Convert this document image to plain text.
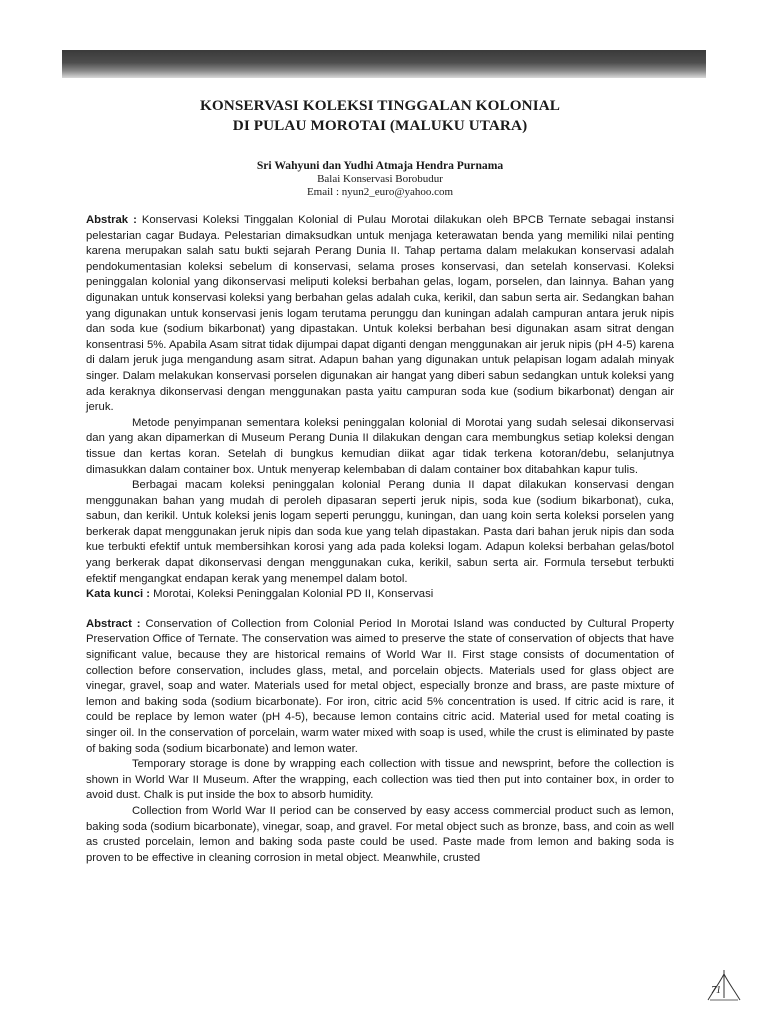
KONSERVASI KOLEKSI TINGGALAN KOLONIAL
DI PULAU MOROTAI (MALUKU UTARA)
Sri Wahyuni dan Yudhi Atmaja Hendra Purnama
Balai Konservasi Borobudur
Email : nyun2_euro@yahoo.com

Abstrak : Konservasi Koleksi Tinggalan Kolonial di Pulau Morotai dilakukan oleh BPCB Ternate sebagai instansi pelestarian cagar Budaya. Pelestarian dimaksudkan untuk menjaga keterawatan benda yang memiliki nilai penting karena merupakan salah satu bukti sejarah Perang Dunia II. Tahap pertama dalam melakukan konservasi adalah pendokumentasian koleksi sebelum di konservasi, selama proses konservasi, dan setelah konservasi. Koleksi peninggalan kolonial yang dikonservasi meliputi koleksi berbahan gelas, logam, porselen, dan lainnya. Bahan yang digunakan untuk konservasi koleksi yang berbahan gelas adalah cuka, kerikil, dan sabun serta air. Sedangkan bahan yang digunakan untuk konservasi jenis logam terutama perunggu dan kuningan adalah campuran antara jeruk nipis dan soda kue (sodium bikarbonat) yang dipastakan. Untuk koleksi berbahan besi digunakan asam sitrat dengan konsentrasi 5%. Apabila Asam sitrat tidak dijumpai dapat diganti dengan menggunakan air jeruk nipis (pH 4-5) karena di dalam jeruk juga mengandung asam sitrat. Adapun bahan yang digunakan untuk pelapisan logam adalah minyak singer. Dalam melakukan konservasi porselen digunakan air hangat yang diberi sabun sedangkan untuk koleksi yang ada keraknya dikonservasi dengan menggunakan pasta yaitu campuran soda kue (sodium bikarbonat) dengan air jeruk.

Metode penyimpanan sementara koleksi peninggalan kolonial di Morotai yang sudah selesai dikonservasi dan yang akan dipamerkan di Museum Perang Dunia II dilakukan dengan cara membungkus setiap koleksi dengan tissue dan kertas koran. Setelah di bungkus kemudian diikat agar tidak terkena kotoran/debu, selanjutnya dimasukkan dalam container box. Untuk menyerap kelembaban di dalam container box ditabahkan kapur tulis.

Berbagai macam koleksi peninggalan kolonial Perang dunia II dapat dilakukan konservasi dengan menggunakan bahan yang mudah di peroleh dipasaran seperti jeruk nipis, soda kue (sodium bikarbonat), cuka, sabun, dan kerikil. Untuk koleksi jenis logam seperti perunggu, kuningan, dan uang koin serta koleksi porselen yang berkerak dapat menggunakan jeruk nipis dan soda kue yang telah dipastakan. Pasta dari bahan jeruk nipis dan soda kue terbukti efektif untuk membersihkan korosi yang ada pada koleksi logam. Adapun koleksi berbahan gelas/botol yang berkerak dapat dikonservasi dengan menggunakan cuka, kerikil, sabun serta air. Formula tersebut terbukti efektif mengangkat endapan kerak yang menempel dalam botol.

Kata kunci : Morotai, Koleksi Peninggalan Kolonial PD II, Konservasi

Abstract : Conservation of Collection from Colonial Period In Morotai Island was conducted by Cultural Property Preservation Office of Ternate. The conservation was aimed to preserve the state of conservation of objects that have significant value, because they are historical remains of World War II. First stage consists of documentation of collection before conservation, includes glass, metal, and porcelain objects. Materials used for glass object are vinegar, gravel, soap and water. Materials used for metal object, especially bronze and brass, are paste mixture of lemon and baking soda (sodium bicarbonate). For iron, citric acid 5% concentration is used. If citric acid is rare, it could be replace by lemon water (pH 4-5), because lemon contains citric acid. Material used for metal coating is singer oil. In the conservation of porcelain, warm water mixed with soap is used, while the crust is eliminated by paste of baking soda (sodium bicarbonate) and lemon water.

Temporary storage is done by wrapping each collection with tissue and newsprint, before the collection is shown in World War II Museum. After the wrapping, each collection was tied then put into container box, in order to avoid dust. Chalk is put inside the box to absorb humidity.

Collection from World War II period can be conserved by easy access commercial product such as lemon, baking soda (sodium bicarbonate), vinegar, soap, and gravel. For metal object such as bronze, bass, and coin as well as crusted porcelain, lemon and baking soda paste could be used. Paste made from lemon and baking soda is proven to be effective in cleaning corrosion in metal object. Meanwhile, crusted

71
